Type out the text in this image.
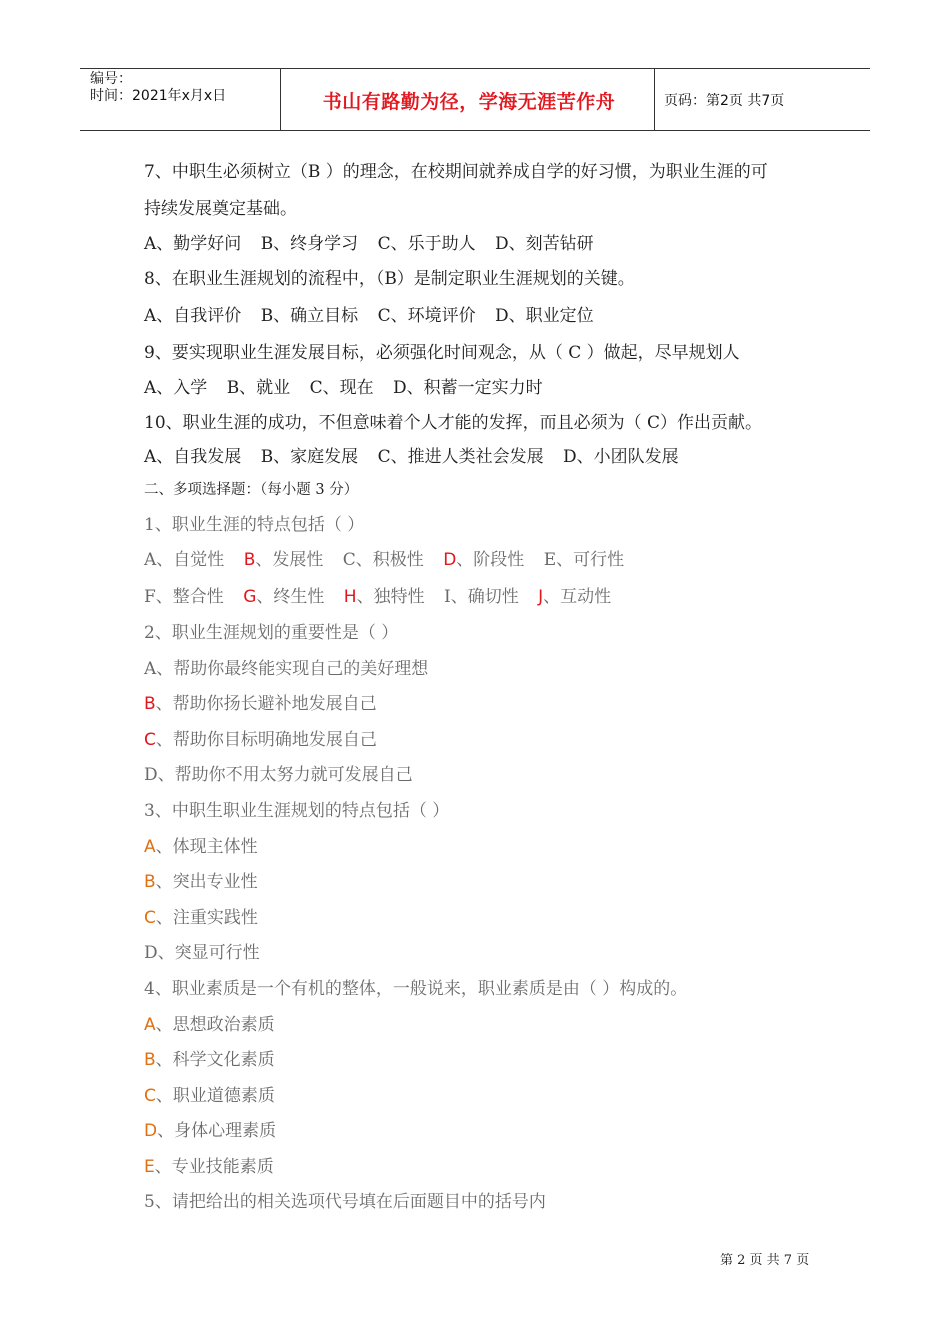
编号：
时间：2021年x月x日	书山有路勤为径，学海无涯苦作舟	页码：第2页 共7页
7、中职生必须树立（B ）的理念，在校期间就养成自学的好习惯，为职业生涯的可
持续发展奠定基础。
A、勤学好问 B、终身学习 C、乐于助人 D、刻苦钻研
8、在职业生涯规划的流程中，（B）是制定职业生涯规划的关键。
A、自我评价 B、确立目标 C、环境评价 D、职业定位
9、要实现职业生涯发展目标，必须强化时间观念，从（ C ）做起，尽早规划人
A、入学 B、就业 C、现在 D、积蓄一定实力时
10、职业生涯的成功，不但意味着个人才能的发挥，而且必须为（ C）作出贡献。
A、自我发展 B、家庭发展 C、推进人类社会发展 D、小团队发展
二、多项选择题：（每小题 3 分）
1、职业生涯的特点包括（ ）
A、自觉性 B、发展性 C、积极性 D、阶段性 E、可行性
F、整合性 G、终生性 H、独特性 I、确切性 J、互动性
2、职业生涯规划的重要性是（ ）
A、帮助你最终能实现自己的美好理想
B、帮助你扬长避补地发展自己
C、帮助你目标明确地发展自己
D、帮助你不用太努力就可发展自己
3、中职生职业生涯规划的特点包括（ ）
A、体现主体性
B、突出专业性
C、注重实践性
D、突显可行性
4、职业素质是一个有机的整体，一般说来，职业素质是由（ ）构成的。
A、思想政治素质
B、科学文化素质
C、职业道德素质
D、身体心理素质
E、专业技能素质
5、请把给出的相关选项代号填在后面题目中的括号内
第 2 页 共 7 页
